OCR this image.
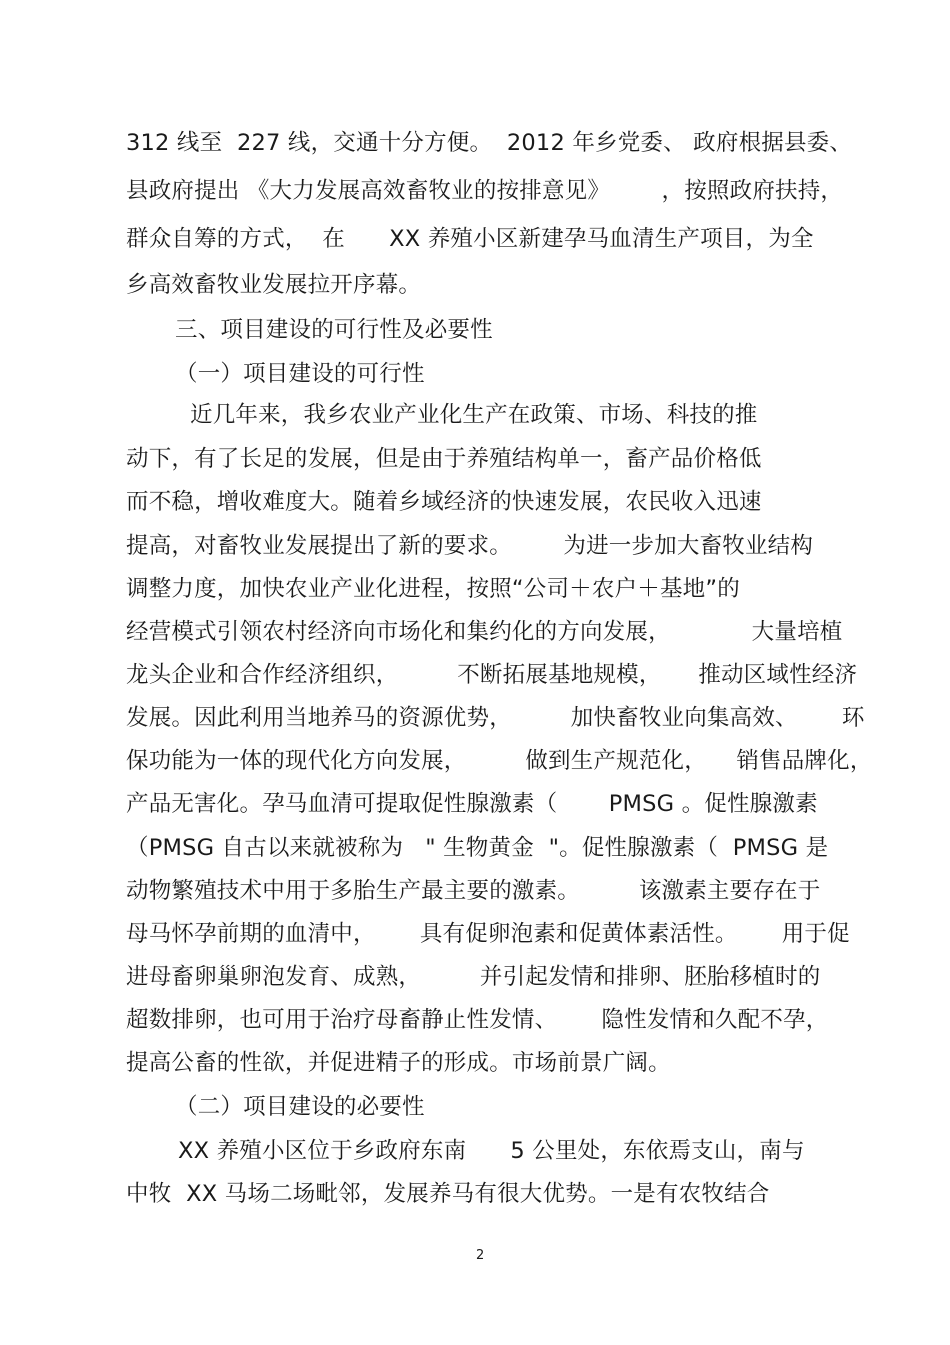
312 线至  227 线，交通十分方便。  2012 年乡党委、 政府根据县委、
县政府提出 《大力发展高效畜牧业的按排意见》       ，按照政府扶持，
群众自筹的方式，  在      XX 养殖小区新建孕马血清生产项目，为全
乡高效畜牧业发展拉开序幕。
三、项目建设的可行性及必要性
（一）项目建设的可行性
近几年来，我乡农业产业化生产在政策、市场、科技的推
动下，有了长足的发展，但是由于养殖结构单一，畜产品价格低
而不稳，增收难度大。随着乡域经济的快速发展，农民收入迅速
提高，对畜牧业发展提出了新的要求。       为进一步加大畜牧业结构
调整力度，加快农业产业化进程，按照“公司＋农户＋基地”的
经营模式引领农村经济向市场化和集约化的方向发展，           大量培植
龙头企业和合作经济组织，        不断拓展基地规模，     推动区域性经济
发展。因此利用当地养马的资源优势，        加快畜牧业向集高效、      环
保功能为一体的现代化方向发展，        做到生产规范化，    销售品牌化，
产品无害化。孕马血清可提取促性腺激素（       PMSG 。促性腺激素
（PMSG 自古以来就被称为   " 生物黄金  "。促性腺激素（  PMSG 是
动物繁殖技术中用于多胎生产最主要的激素。        该激素主要存在于
母马怀孕前期的血清中，      具有促卵泡素和促黄体素活性。      用于促
进母畜卵巢卵泡发育、成熟，        并引起发情和排卵、胚胎移植时的
超数排卵，也可用于治疗母畜静止性发情、      隐性发情和久配不孕，
提高公畜的性欲，并促进精子的形成。市场前景广阔。
（二）项目建设的必要性
XX 养殖小区位于乡政府东南      5 公里处，东依焉支山，南与
中牧  XX 马场二场毗邻，发展养马有很大优势。一是有农牧结合
2
